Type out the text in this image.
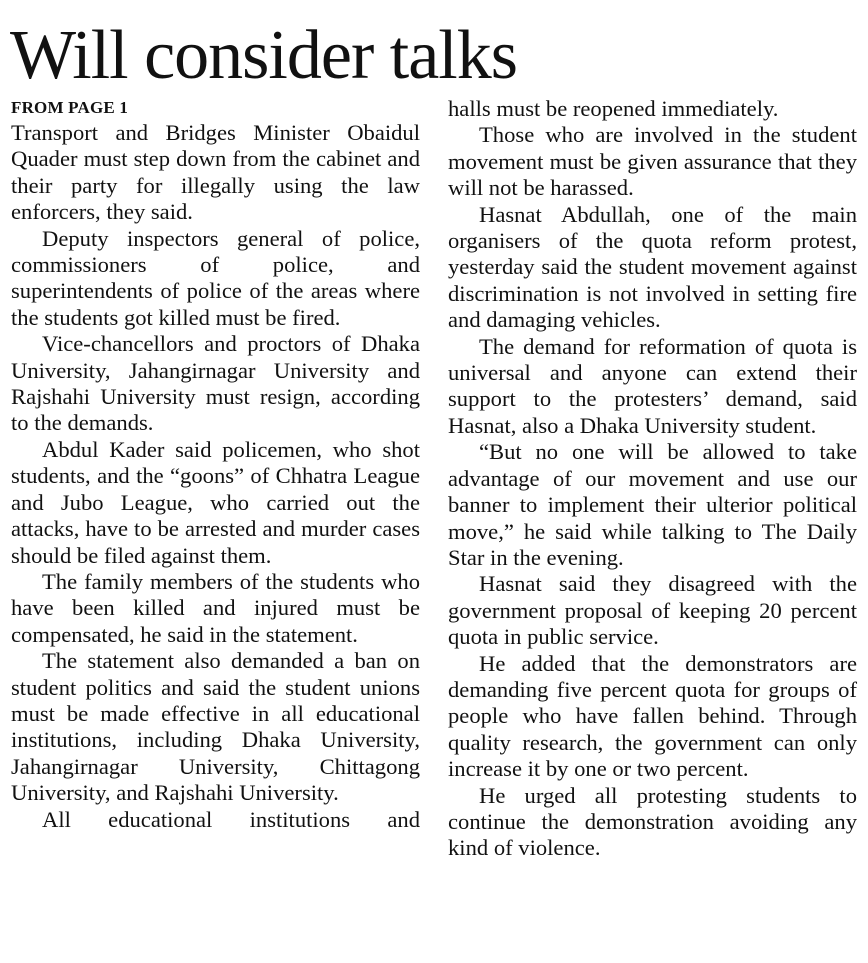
Will consider talks
FROM PAGE 1

Transport and Bridges Minister Obaidul Quader must step down from the cabinet and their party for illegally using the law enforcers, they said.

Deputy inspectors general of police, commissioners of police, and superintendents of police of the areas where the students got killed must be fired.

Vice-chancellors and proctors of Dhaka University, Jahangirnagar University and Rajshahi University must resign, according to the demands.

Abdul Kader said policemen, who shot students, and the “goons” of Chhatra League and Jubo League, who carried out the attacks, have to be arrested and murder cases should be filed against them.

The family members of the students who have been killed and injured must be compensated, he said in the statement.

The statement also demanded a ban on student politics and said the student unions must be made effective in all educational institutions, including Dhaka University, Jahangirnagar University, Chittagong University, and Rajshahi University.

All educational institutions and

halls must be reopened immediately.

Those who are involved in the student movement must be given assurance that they will not be harassed.

Hasnat Abdullah, one of the main organisers of the quota reform protest, yesterday said the student movement against discrimination is not involved in setting fire and damaging vehicles.

The demand for reformation of quota is universal and anyone can extend their support to the protesters’ demand, said Hasnat, also a Dhaka University student.

“But no one will be allowed to take advantage of our movement and use our banner to implement their ulterior political move,” he said while talking to The Daily Star in the evening.

Hasnat said they disagreed with the government proposal of keeping 20 percent quota in public service.

He added that the demonstrators are demanding five percent quota for groups of people who have fallen behind. Through quality research, the government can only increase it by one or two percent.

He urged all protesting students to continue the demonstration avoiding any kind of violence.
